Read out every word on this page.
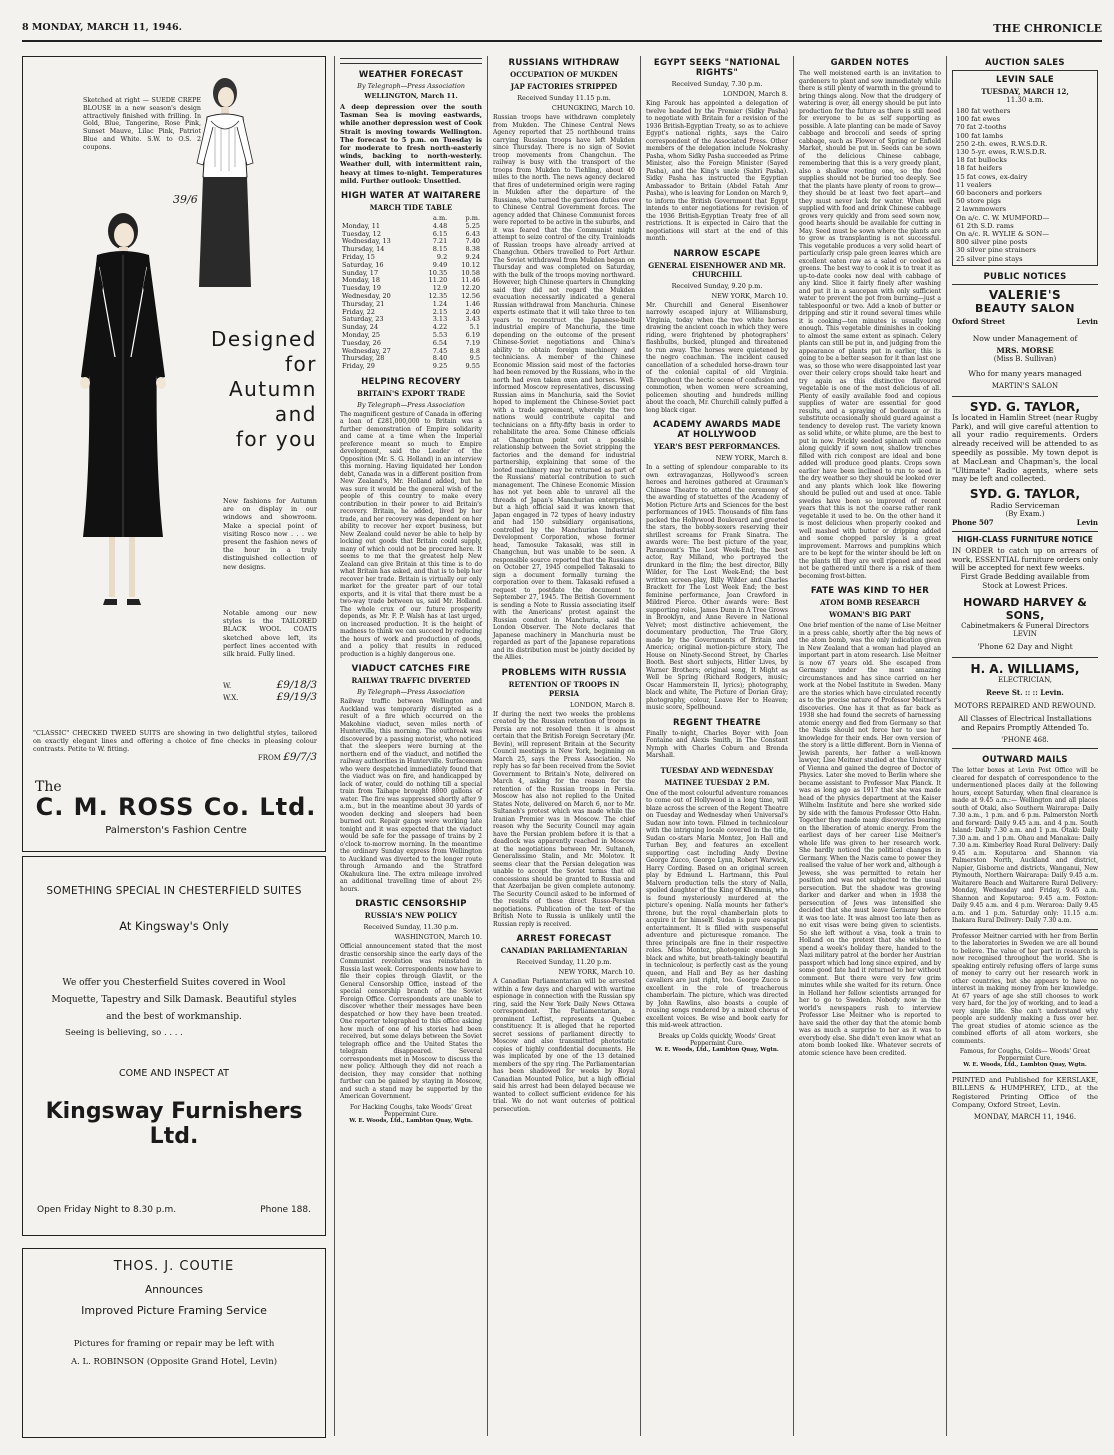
8 MONDAY, MARCH 11, 1946.	THE CHRONICLE

Sketched at right — SUEDE CREPE BLOUSE in a new season's design attractively finished with frilling. In Gold, Blue, Tangerine, Rose Pink, Sunset Mauve, Lilac Pink, Patriot Blue and White. S.W. to O.S. 2 coupons.

39/6
Designed
for
Autumn
and
for you

New fashions for Autumn are on display in our windows and showroom. Make a special point of visiting Rosco now . . . we present the fashion news of the hour in a truly distinguished collection of new designs.

Notable among our new styles is the TAILORED BLACK WOOL COATS sketched above left, its perfect lines accented with silk braid. Fully lined.

W.	£9/18/3
W.X.	£9/19/3

"CLASSIC" CHECKED TWEED SUITS are showing in two delightful styles, tailored on exactly elegant lines and offering a choice of fine checks in pleasing colour contrasts. Petite to W. fitting.

FROM £9/7/3
The
C. M. ROSS Co. Ltd.
Palmerston's Fashion Centre
SOMETHING SPECIAL IN CHESTERFIELD SUITES
At Kingsway's Only
We offer you Chesterfield Suites covered in Wool Moquette, Tapestry and Silk Damask. Beautiful styles and the best of workmanship.
Seeing is believing, so . . . .
COME AND INSPECT AT
Kingsway Furnishers Ltd.
Open Friday Night to 8.30 p.m.	Phone 188.
THOS. J. COUTIE
Announces
Improved Picture Framing Service
Pictures for framing or repair may be left with
A. L. ROBINSON (Opposite Grand Hotel, Levin)
WEATHER FORECAST
By Telegraph—Press Association
WELLINGTON, March 11.

A deep depression over the south Tasman Sea is moving eastwards, while another depression west of Cook Strait is moving towards Wellington. The forecast to 5 p.m. on Tuesday is for moderate to fresh north-easterly winds, backing to north-westerly. Weather dull, with intermittent rain, heavy at times to-night. Temperatures mild. Further outlook: Unsettled.

HIGH WATER AT WAITARERE
MARCH TIDE TABLE
	a.m.	p.m.
Monday, 11	4.48	5.25
Tuesday, 12	6.15	6.43
Wednesday, 13	7.21	7.40
Thursday, 14	8.15	8.38
Friday, 15	9.2	9.24
Saturday, 16	9.49	10.12
Sunday, 17	10.35	10.58
Monday, 18	11.20	11.46
Tuesday, 19	12.9	12.20
Wednesday, 20	12.35	12.56
Thursday, 21	1.24	1.46
Friday, 22	2.15	2.40
Saturday, 23	3.13	3.43
Sunday, 24	4.22	5.1
Monday, 25	5.53	6.19
Tuesday, 26	6.54	7.19
Wednesday, 27	7.45	8.8
Thursday, 28	8.40	9.5
Friday, 29	9.25	9.55
HELPING RECOVERY
BRITAIN'S EXPORT TRADE
By Telegraph—Press Association

The magnificent gesture of Canada in offering a loan of £281,000,000 to Britain was a further demonstration of Empire solidarity and came at a time when the Imperial preference meant so much to Empire development, said the Leader of the Opposition (Mr. S. G. Holland) in an interview this morning. Having liquidated her London debt, Canada was in a different position from New Zealand's, Mr. Holland added, but he was sure it would be the general wish of the people of this country to make every contribution in their power to aid Britain's recovery. Britain, he added, lived by her trade, and her recovery was dependent on her ability to recover her export business, but New Zealand could never be able to help by locking out goods that Britain could supply, many of which could not be procured here. It seems to me that the greatest help New Zealand can give Britain at this time is to do what Britain has asked, and that is to help her recover her trade. Britain is virtually our only market for the greater part of our total exports, and it is vital that there must be a two-way trade between us, said Mr. Holland. The whole crux of our future prosperity depends, as Mr. F. P. Walsh has at last urged, on increased production. It is the height of madness to think we can succeed by reducing the hours of work and production of goods, and a policy that results in reduced production is a highly dangerous one.

VIADUCT CATCHES FIRE
RAILWAY TRAFFIC DIVERTED
By Telegraph—Press Association

Railway traffic between Wellington and Auckland was temporarily disrupted as a result of a fire which occurred on the Makohine viaduct, seven miles north of Hunterville, this morning. The outbreak was discovered by a passing motorist, who noticed that the sleepers were burning at the northern end of the viaduct, and notified the railway authorities in Hunterville. Surfacemen who were despatched immediately found that the viaduct was on fire, and handicapped by lack of water, could do nothing till a special train from Taihape brought 8000 gallons of water. The fire was suppressed shortly after 9 a.m., but in the meantime about 30 yards of wooden decking and sleepers had been burned out. Repair gangs were working late tonight and it was expected that the viaduct would be safe for the passage of trains by 2 o'clock to-morrow morning. In the meantime the ordinary Sunday express from Wellington to Auckland was diverted to the longer route through Armando and the Stratford Okahukura line. The extra mileage involved an additional travelling time of about 2½ hours.

DRASTIC CENSORSHIP
RUSSIA'S NEW POLICY
Received Sunday, 11.30 p.m.
WASHINGTON, March 10.

Official announcement stated that the most drastic censorship since the early days of the Communist revolution was reinstated in Russia last week. Correspondents now have to file their copies through Glavlit, or the General Censorship Office, instead of the special censorship branch of the Soviet Foreign Office. Correspondents are unable to discover whether their messages have been despatched or how they have been treated. One reporter telegraphed to this office asking how much of one of his stories had been received, but some delays between the Soviet telegraph office and the United States the telegram disappeared. Several correspondents met in Moscow to discuss the new policy. Although they did not reach a decision, they may consider that nothing further can be gained by staying in Moscow, and such a stand may be supported by the American Government.

For Hacking Coughs, take Woods' Great Peppermint Cure.
W. E. Woods, Ltd., Lambton Quay, Wgtn.
RUSSIANS WITHDRAW
OCCUPATION OF MUKDEN
JAP FACTORIES STRIPPED
Received Sunday 11.15 p.m.
CHUNGKING, March 10.

Russian troops have withdrawn completely from Mukden. The Chinese Central News Agency reported that 25 northbound trains carrying Russian troops have left Mukden since Thursday. There is no sign of Soviet troop movements from Changchun. The railway is busy with the transport of the troops from Mukden to Tiehling, about 40 miles to the north. The news agency declared that fires of undetermined origin were raging in Mukden after the departure of the Russians, who turned the garrison duties over to Chinese Central Government forces. The agency added that Chinese Communist forces were reported to be active in the suburbs, and it was feared that the Communist might attempt to seize control of the city. Trainloads of Russian troops have already arrived at Changchun. Others travelled to Port Arthur. The Soviet withdrawal from Mukden began on Thursday and was completed on Saturday, with the bulk of the troops moving northward. However, high Chinese quarters in Chungking said they did not regard the Mukden evacuation necessarily indicated a general Russian withdrawal from Manchuria. Chinese experts estimate that it will take three to ten years to reconstruct the Japanese-built industrial empire of Manchuria, the time depending on the outcome of the present Chinese-Soviet negotiations and China's ability to obtain foreign machinery and technicians. A member of the Chinese Economic Mission said most of the factories had been removed by the Russians, who in the north had even taken oxen and horses. Well-informed Moscow representatives, discussing Russian aims in Manchuria, said the Soviet hoped to implement the Chinese-Soviet pact with a trade agreement, whereby the two nations would contribute capital and technicians on a fifty-fifty basis in order to rehabilitate the area. Some Chinese officials at Changchun point out a possible relationship between the Soviet stripping the factories and the demand for industrial partnership, explaining that some of the looted machinery may be returned as part of the Russians' material contribution to such management. The Chinese Economic Mission has not yet been able to unravel all the threads of Japan's Manchurian enterprises, but a high official said it was known that Japan engaged in 72 types of heavy industry and had 150 subsidiary organisations, controlled by the Manchurian Industrial Development Corporation, whose former head, Tamosuke Takasaki, was still in Changchun, but was unable to be seen. A responsible source reported that the Russians on October 27, 1945 compelled Takasaki to sign a document formally turning the corporation over to them. Takasaki refused a request to postdate the document to September 27, 1945. The British Government is sending a Note to Russia associating itself with the Americans' protest against the Russian conduct in Manchuria, said the London Observer. The Note declares that Japanese machinery in Manchuria must be regarded as part of the Japanese reparations and its distribution must be jointly decided by the Allies.

PROBLEMS WITH RUSSIA
RETENTION OF TROOPS IN PERSIA
LONDON, March 8.

If during the next two weeks the problems created by the Russian retention of troops in Persia are not resolved then it is almost certain that the British Foreign Secretary (Mr. Bevin), will represent Britain at the Security Council meetings in New York, beginning on March 25, says the Press Association. No reply has so far been received from the Soviet Government to Britain's Note, delivered on March 4, asking for the reason for the retention of the Russian troops in Persia. Moscow has also not replied to the United States Note, delivered on March 6, nor to Mr. Sultaneh's protest which was made while the Iranian Premier was in Moscow. The chief reason why the Security Council may again have the Persian problem before it is that a deadlock was apparently reached in Moscow at the negotiations between Mr. Sultaneh, Generalissimo Stalin, and Mr. Molotov. It seems clear that the Persian delegation was unable to accept the Soviet terms that oil concessions should be granted to Russia and that Azerbaijan be given complete autonomy. The Security Council asked to be informed of the results of these direct Russo-Persian negotiations. Publication of the text of the British Note to Russia is unlikely until the Russian reply is received.

ARREST FORECAST
CANADIAN PARLIAMENTARIAN
Received Sunday, 11.20 p.m.
NEW YORK, March 10.

A Canadian Parliamentarian will be arrested within a few days and charged with wartime espionage in connection with the Russian spy ring, said the New York Daily News Ottawa correspondent. The Parliamentarian, a prominent Leftist, represents a Quebec constituency. It is alleged that he reported secret sessions of parliament directly to Moscow and also transmitted photostatic copies of highly confidential documents. He was implicated by one of the 13 detained members of the spy ring. The Parliamentarian has been shadowed for weeks by Royal Canadian Mounted Police, but a high official said his arrest had been delayed because we wanted to collect sufficient evidence for his trial. We do not want outcries of political persecution.

EGYPT SEEKS "NATIONAL RIGHTS"
Received Sunday, 7.30 p.m.
LONDON, March 8.

King Farouk has appointed a delegation of twelve headed by the Premier (Sidky Pasha) to negotiate with Britain for a revision of the 1936 British-Egyptian Treaty, so as to achieve Egypt's national rights, says the Cairo correspondent of the Associated Press. Other members of the delegation include Nokrashy Pasha, whom Sidky Pasha succeeded as Prime Minister, also the Foreign Minister (Sayed Pasha), and the King's uncle (Sabri Pasha). Sidky Pasha has instructed the Egyptian Ambassador to Britain (Abdel Fatah Amr Pasha), who is leaving for London on March 9, to inform the British Government that Egypt intends to enter negotiations for revision of the 1936 British-Egyptian Treaty free of all restrictions. It is expected in Cairo that the negotiations will start at the end of this month.

NARROW ESCAPE
GENERAL EISENHOWER AND MR. CHURCHILL
Received Sunday, 9.20 p.m.
NEW YORK, March 10.

Mr. Churchill and General Eisenhower narrowly escaped injury at Williamsburg, Virginia, today when the two white horses drawing the ancient coach in which they were riding, were frightened by photographers' flashbulbs, bucked, plunged and threatened to run away. The horses were quietened by the negro coachman. The incident caused cancellation of a scheduled horse-drawn tour of the colonial capital of old Virginia. Throughout the hectic scene of confusion and commotion, when women were screaming, policemen shouting and hundreds milling about the coach, Mr. Churchill calmly puffed a long black cigar.

ACADEMY AWARDS MADE AT HOLLYWOOD
YEAR'S BEST PERFORMANCES.
NEW YORK, March 8.

In a setting of splendour comparable to its own extravaganzas, Hollywood's screen heroes and heroines gathered at Grauman's Chinese Theatre to attend the ceremony of the awarding of statuettes of the Academy of Motion Picture Arts and Sciences for the best performances of 1945. Thousands of film fans packed the Hollywood Boulevard and greeted the stars, the bobby-soxers reserving their shrillest screams for Frank Sinatra. The awards were: The best picture of the year, Paramount's The Lost Week-End; the best actor, Ray Milland, who portrayed the drunkard in the film; the best director, Billy Wilder, for The Lost Week-End; the best written screen-play, Billy Wilder and Charles Brackett for The Lost Week End; the best feminine performance, Joan Crawford in Mildred Pierce. Other awards were: Best supporting roles, James Dunn in A Tree Grows in Brooklyn, and Anne Revere in National Velvet; most distinctive achievement, the documentary production, The True Glory, made by the Governments of Britain and America; original motion-picture story, The House on Ninety-Second Street, by Charles Booth. Best short subjects, Hitler Lives, by Warner Brothers; original song, It Might as Well be Spring (Richard Rodgers, music; Oscar Hammerstein II, lyrics); photography, black and white, The Picture of Dorian Gray; photography, colour, Leave Her to Heaven; music score, Spellbound.

REGENT THEATRE

Finally to-night, Charles Boyer with Joan Fontaine and Alexis Smith, in The Constant Nymph with Charles Coburn and Brenda Marshall.

TUESDAY AND WEDNESDAY
MATINEE TUESDAY 2 P.M.

One of the most colourful adventure romances to come out of Hollywood in a long time, will blaze across the screen of the Regent Theatre on Tuesday and Wednesday when Universal's Sudan now into town. Filmed in technicolour with the intriguing locale covered in the title, Sudan co-stars Maria Montez, Jon Hall and Turhan Bey, and features an excellent supporting cast including Andy Devine George Zucco, George Lynn, Robert Warwick, Harry Cording. Based on an original screen play by Edmund L. Hartmann, this Paul Malvern production tells the story of Nalla, spoiled daughter of the King of Khemmis, who is found mysteriously murdered at the picture's opening. Nalla mounts her father's throne, but the royal chamberlain plots to acquire it for himself. Sudan is pure escapist entertainment. It is filled with suspenseful adventure and picturesque romance. The three principals are fine in their respective roles. Miss Montez, photogenic enough in black and white, but breath-takingly beautiful in technicolour, is perfectly cast as the young queen, and Hall and Bey as her dashing cavaliers are just right, too. George Zucco is excellent in the role of treacherous chamberlain. The picture, which was directed by John Rawlins, also boasts a couple of rousing songs rendered by a mixed chorus of excellent voices. Be wise and book early for this mid-week attraction.

Breaks up Colds quickly, Woods' Great Peppermint Cure.
W. E. Woods, Ltd., Lambton Quay, Wgtn.
GARDEN NOTES

The well moistened earth is an invitation to gardeners to plant and sow immediately while there is still plenty of warmth in the ground to bring things along. Now that the drudgery of watering is over, all energy should be put into production for the future as there is still need for everyone to be as self supporting as possible. A late planting can be made of Savoy cabbage and broccoli and seeds of spring cabbage, such as Flower of Spring or Enfield Market, should be put in. Seeds can be sown of the delicious Chinese cabbage, remembering that this is a very greedy plant, also a shallow rooting one, so the food supplies should not be buried too deeply. See that the plants have plenty of room to grow—they should be at least two feet apart—and they must never lack for water. When well supplied with food and drink Chinese cabbage grows very quickly and from seed sown now, good hearts should be available for cutting in May. Seed must be sown where the plants are to grow as transplanting is not successful. This vegetable produces a very solid heart of particularly crisp pale green leaves which are excellent eaten raw as a salad or cooked as greens. The best way to cook it is to treat it as up-to-date cooks now deal with cabbage of any kind. Slice it fairly finely after washing and put it in a saucepan with only sufficient water to prevent the pot from burning—just a tablespoonful or two. Add a knob of butter or dripping and stir it round several times while it is cooking—ten minutes is usually long enough. This vegetable diminishes in cooking to almost the same extent as spinach. Celery plants can still be put in, and judging from the appearance of plants put in earlier, this is going to be a better season for it than last one was, so those who were disappointed last year over their celery crops should take heart and try again as this distinctive flavoured vegetable is one of the most delicious of all. Plenty of easily available food and copious supplies of water are essential for good results, and a spraying of bordeaux or its substitute occasionally should guard against a tendency to develop rust. The variety known as solid white, or white plume, are the best to put in now. Prickly seeded spinach will come along quickly if sown now, shallow trenches filled with rich compost are ideal and bone added will produce good plants. Crops sown earlier have been inclined to run to seed in the dry weather so they should be looked over and any plants which look like flowering should be pulled out and used at once. Table swedes have been so improved of recent years that this is not the coarse rather rank vegetable it used to be. On the other hand it is most delicious when properly cooked and well mashed with butter or dripping added and some chopped parsley is a great improvement. Marrows and pumpkins which are to be kept for the winter should be left on the plants till they are well ripened and need not be gathered until there is a risk of them becoming frost-bitten.

FATE WAS KIND TO HER
ATOM BOMB RESEARCH
WOMAN'S BIG PART

One brief mention of the name of Lise Meitner in a press cable, shortly after the big news of the atom bomb, was the only indication given in New Zealand that a woman had played an important part in atom research. Lise Meitner is now 67 years old. She escaped from Germany under the most amazing circumstances and has since carried on her work at the Nobel Institute in Sweden. Many are the stories which have circulated recently as to the precise nature of Professor Meitner's discoveries. One has it that as far back as 1938 she had found the secrets of harnessing atomic energy and fled from Germany so that the Nazis should not force her to use her knowledge for their ends. Her own version of the story is a little different. Born in Vienna of Jewish parents, her father a well-known lawyer, Lise Meitner studied at the University of Vienna and gained the degree of Doctor of Physics. Later she moved to Berlin where she became assistant to Professor Max Planck. It was as long ago as 1917 that she was made head of the physics department at the Kaiser Wilhelm Institute and here she worked side by side with the famous Professor Otto Hahn. Together they made many discoveries bearing on the liberation of atomic energy. From the earliest days of her career Lise Meitner's whole life was given to her research work. She hardly noticed the political changes in Germany. When the Nazis came to power they realised the value of her work and, although a Jewess, she was permitted to retain her position and was not subjected to the usual persecution. But the shadow was growing darker and darker and when in 1938 the persecution of Jews was intensified she decided that she must leave Germany before it was too late. It was almost too late then as no exit visas were being given to scientists. So she left without a visa, took a train to Holland on the pretext that she wished to spend a week's holiday there, handed to the Nazi military patrol at the border her Austrian passport which had long since expired, and by some good fate had it returned to her without comment. But there were very few grim minutes while she waited for its return. Once in Holland her fellow scientists arranged for her to go to Sweden. Nobody now in the world's newspapers rush to interview Professor Lise Meitner who is reported to have said the other day that the atomic bomb was as much a surprise to her as it was to everybody else. She didn't even know what an atom bomb looked like. Whatever secrets of atomic science have been credited.

AUCTION SALES
LEVIN SALE
TUESDAY, MARCH 12,
11.30 a.m.
180 fat wethers
100 fat ewes
70 fat 2-tooths
100 fat lambs
250 2-th. ewes, R.W.S.D.R.
130 5-yr. ewes, R.W.S.D.R.
18 fat bullocks
18 fat heifers
15 fat cows, ex-dairy
11 vealers
60 baconers and porkers
50 store pigs
2 lawnmowers
On a/c. C. W. MUMFORD—
61 2th S.D. rams
On a/c. R. WYLIE & SON—
800 silver pine posts
30 silver pine strainers
25 silver pine stays
PUBLIC NOTICES
VALERIE'S
BEAUTY SALON
Oxford Street	Levin
Now under Management of
MRS. MORSE
(Miss B. Sullivan)
Who for many years managed
MARTIN'S SALON
SYD. G. TAYLOR,

Is located in Hamlin Street (near Rugby Park), and will give careful attention to all your radio requirements. Orders already received will be attended to as speedily as possible. My town depot is at MacLean and Chapman's, the local "Ultimate" Radio agents, where sets may be left and collected.

SYD. G. TAYLOR,
Radio Serviceman
(By Exam.)
Phone 507	Levin
HIGH-CLASS FURNITURE NOTICE

IN ORDER to catch up on arrears of work, ESSENTIAL furniture orders only will be accepted for next few weeks.

First Grade Bedding available from Stock at Lowest Prices.
HOWARD HARVEY & SONS,
Cabinetmakers & Funeral Directors
LEVIN
'Phone 62 Day and Night
H. A. WILLIAMS,
ELECTRICIAN,
Reeve St. :: :: Levin.
MOTORS REPAIRED AND REWOUND.
All Classes of Electrical Installations and Repairs Promptly Attended To.
'PHONE 468.
OUTWARD MAILS

The letter boxes at Levin Post Office will be cleared for despatch of correspondence to the undermentioned places daily at the following hours, except Saturday, when final clearance is made at 9.45 a.m.:— Wellington and all places south of Otaki, also Southern Wairarapa: Daily 7.30 a.m., 1 p.m. and 6 p.m. Palmerston North and forward: Daily 9.45 a.m. and 4 p.m. South Island: Daily 7.30 a.m. and 1 p.m. Otaki: Daily 7.30 a.m. and 1 p.m. Ohau and Manakau: Daily 7.30 a.m. Kimberley Road Rural Delivery: Daily 9.45 a.m. Koputaroa and Shannon via Palmerston North, Auckland and district, Napier, Gisborne and districts, Wanganui, New Plymouth, Northern Wairarapa: Daily 9.45 a.m. Waitarere Beach and Waitarere Rural Delivery: Monday, Wednesday and Friday, 9.45 a.m. Shannon and Koputaroa: 9.45 a.m. Foxton: Daily 9.45 a.m. and 4 p.m. Weraroa: Daily 9.45 a.m. and 1 p.m. Saturday only: 11.15 a.m. Ihakara Rural Delivery: Daily 7.30 a.m.

Professor Meitner carried with her from Berlin to the laboratories in Sweden we are all bound to believe. The value of her part in research is now recognised throughout the world. She is speaking entirely refusing offers of large sums of money to carry out her research work in other countries, but she appears to have no interest in making money from her knowledge. At 67 years of age she still chooses to work very hard, for the joy of working, and to lead a very simple life. She can't understand why people are suddenly making a fuss over her. The great studies of atomic science as the combined efforts of all atom workers, she comments.

Famous, for Coughs, Colds— Woods' Great Peppermint Cure.
W. E. Woods, Ltd., Lambton Quay, Wgtn.

PRINTED and Published for KERSLAKE, BILLENS & HUMPHREY, LTD., at the Registered Printing Office of the Company, Oxford Street, Levin.

MONDAY, MARCH 11, 1946.
